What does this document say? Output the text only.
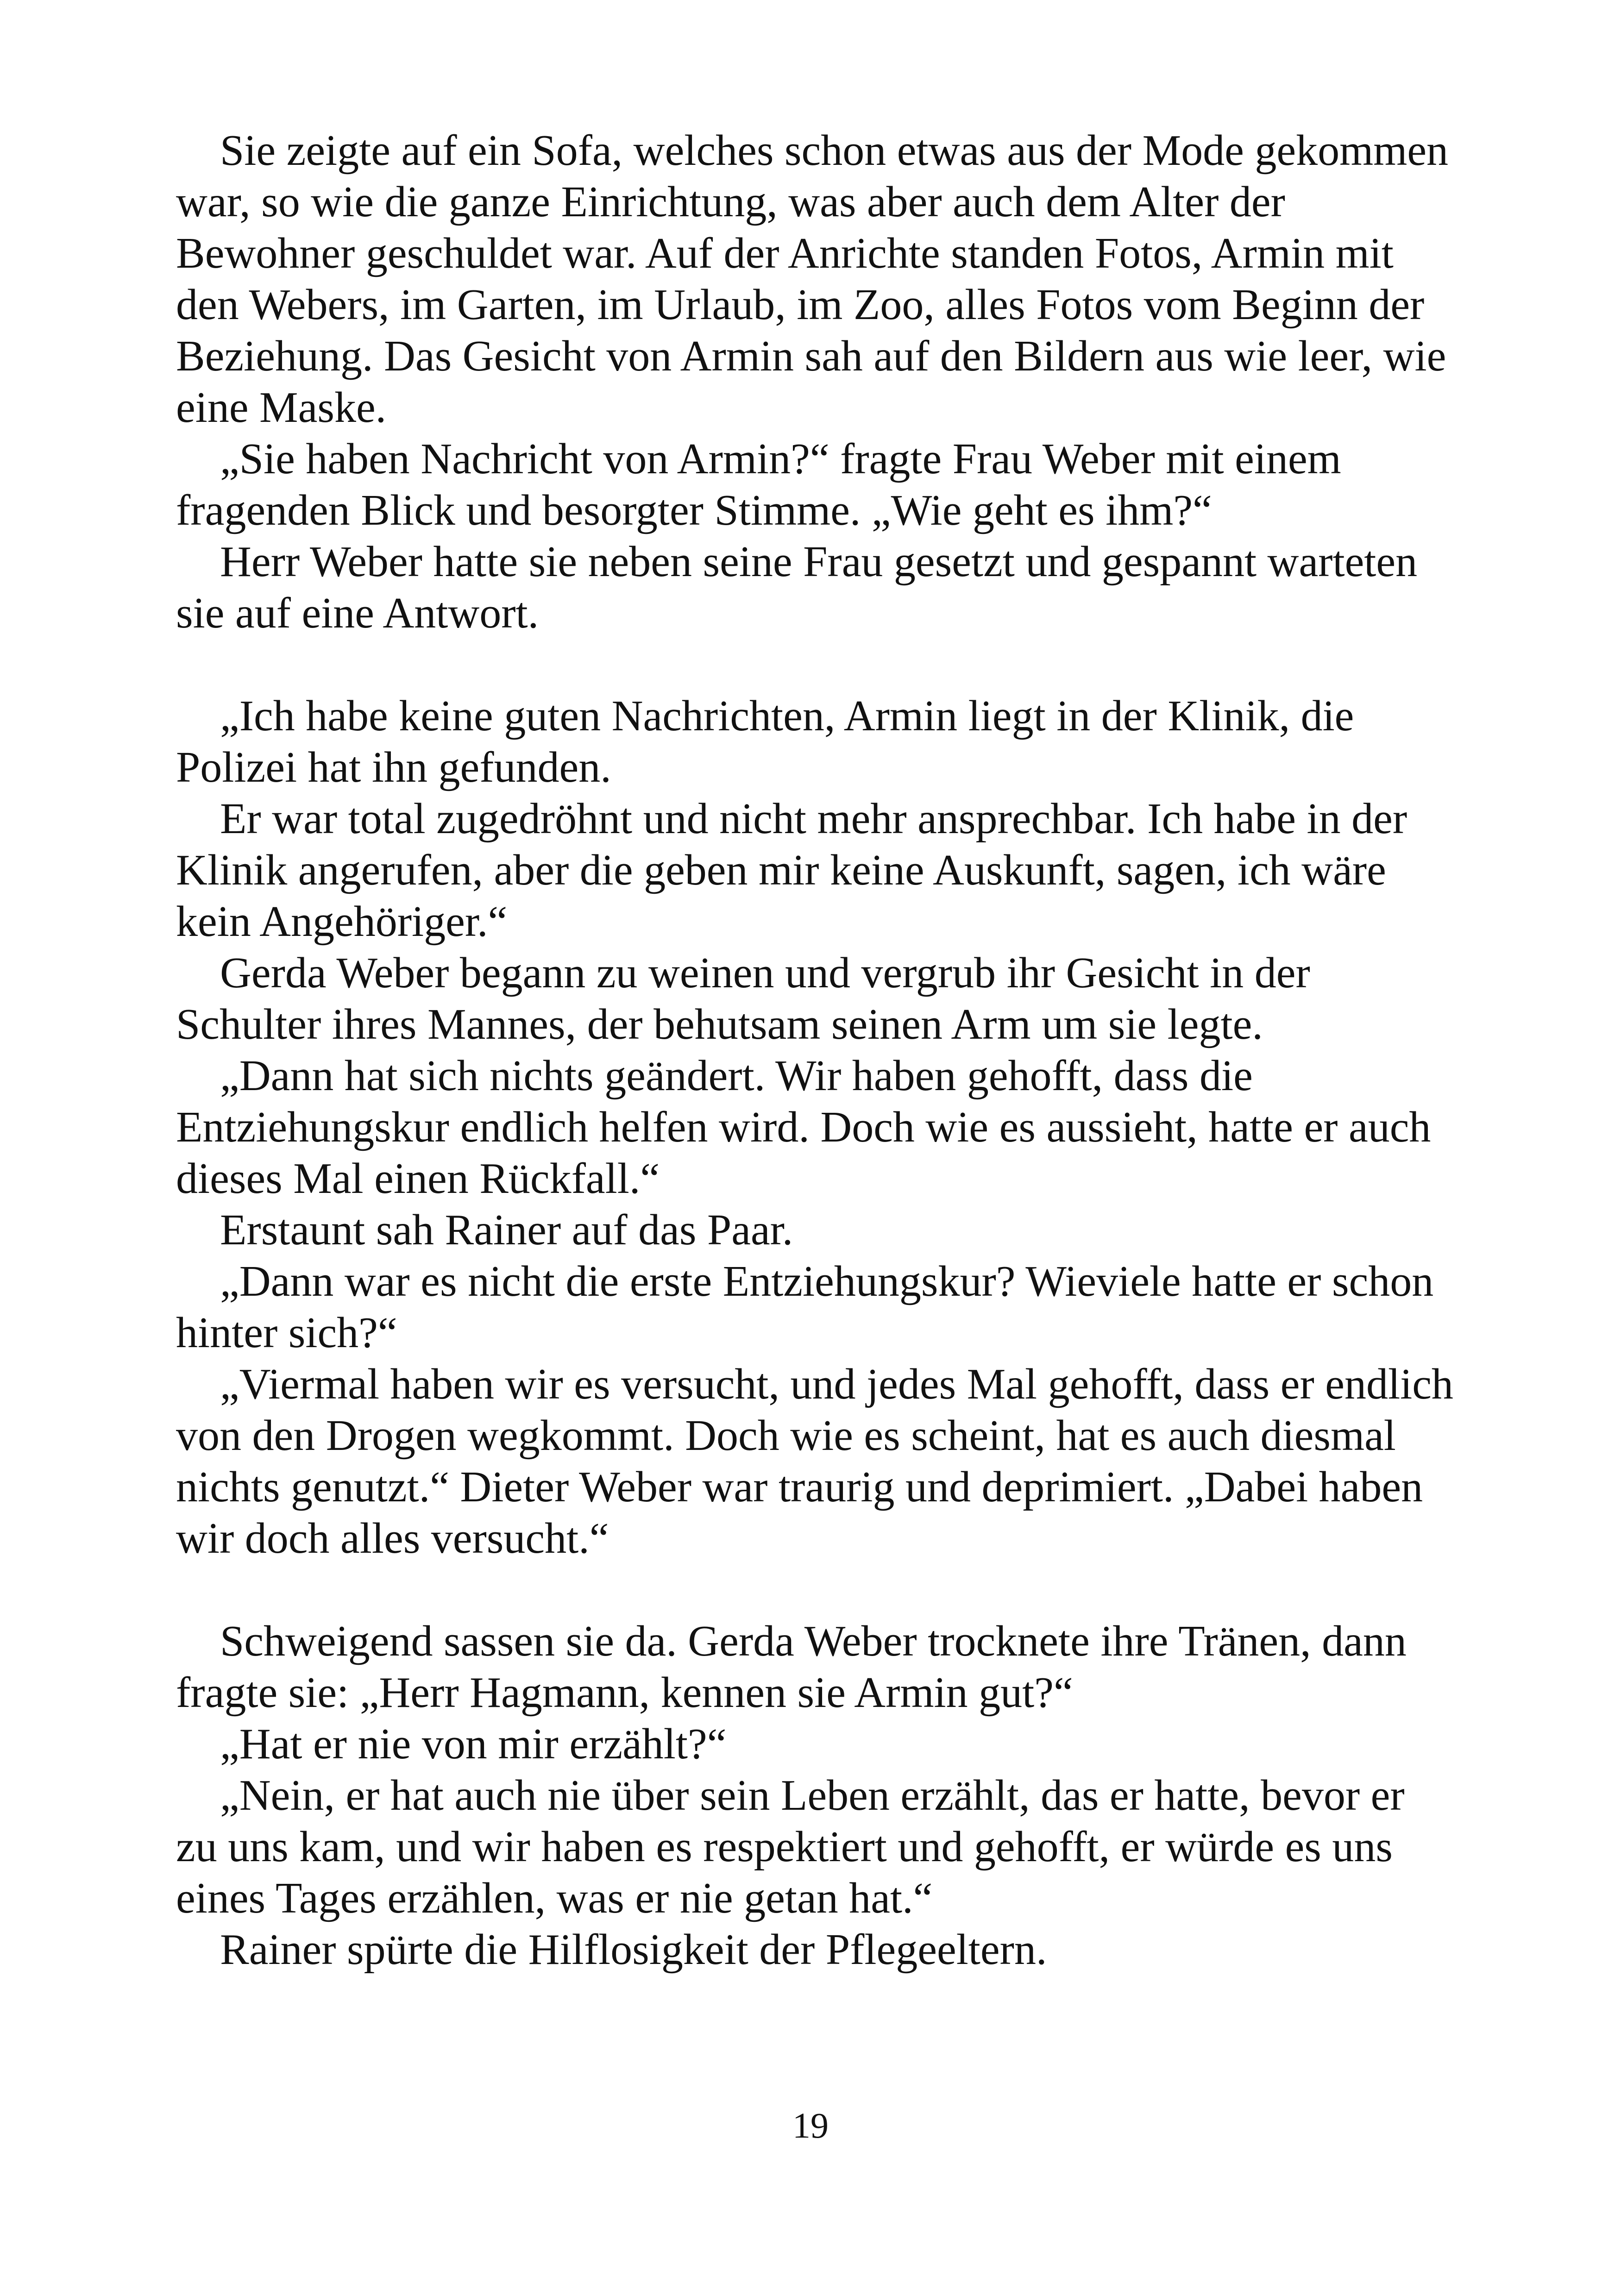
Sie zeigte auf ein Sofa, welches schon etwas aus der Mode gekommen war, so wie die ganze Einrichtung, was aber auch dem Alter der Bewohner geschuldet war. Auf der Anrichte standen Fotos, Armin mit den Webers, im Garten, im Urlaub, im Zoo, alles Fotos vom Beginn der Beziehung. Das Gesicht von Armin sah auf den Bildern aus wie leer, wie eine Maske.

„Sie haben Nachricht von Armin?“ fragte Frau Weber mit einem fragenden Blick und besorgter Stimme. „Wie geht es ihm?“

Herr Weber hatte sie neben seine Frau gesetzt und gespannt warteten sie auf eine Antwort.

„Ich habe keine guten Nachrichten, Armin liegt in der Klinik, die Polizei hat ihn gefunden.

Er war total zugedröhnt und nicht mehr ansprechbar. Ich habe in der Klinik angerufen, aber die geben mir keine Auskunft, sagen, ich wäre kein Angehöriger.“

Gerda Weber begann zu weinen und vergrub ihr Gesicht in der Schulter ihres Mannes, der behutsam seinen Arm um sie legte.

„Dann hat sich nichts geändert. Wir haben gehofft, dass die Entziehungskur endlich helfen wird. Doch wie es aussieht, hatte er auch dieses Mal einen Rückfall.“

Erstaunt sah Rainer auf das Paar.

„Dann war es nicht die erste Entziehungskur? Wieviele hatte er schon hinter sich?“

„Viermal haben wir es versucht, und jedes Mal gehofft, dass er endlich von den Drogen wegkommt. Doch wie es scheint, hat es auch diesmal nichts genutzt.“ Dieter Weber war traurig und deprimiert. „Dabei haben wir doch alles versucht.“

Schweigend sassen sie da. Gerda Weber trocknete ihre Tränen, dann fragte sie: „Herr Hagmann, kennen sie Armin gut?“

„Hat er nie von mir erzählt?“

„Nein, er hat auch nie über sein Leben erzählt, das er hatte, bevor er zu uns kam, und wir haben es respektiert und gehofft, er würde es uns eines Tages erzählen, was er nie getan hat.“

Rainer spürte die Hilflosigkeit der Pflegeeltern.

19
